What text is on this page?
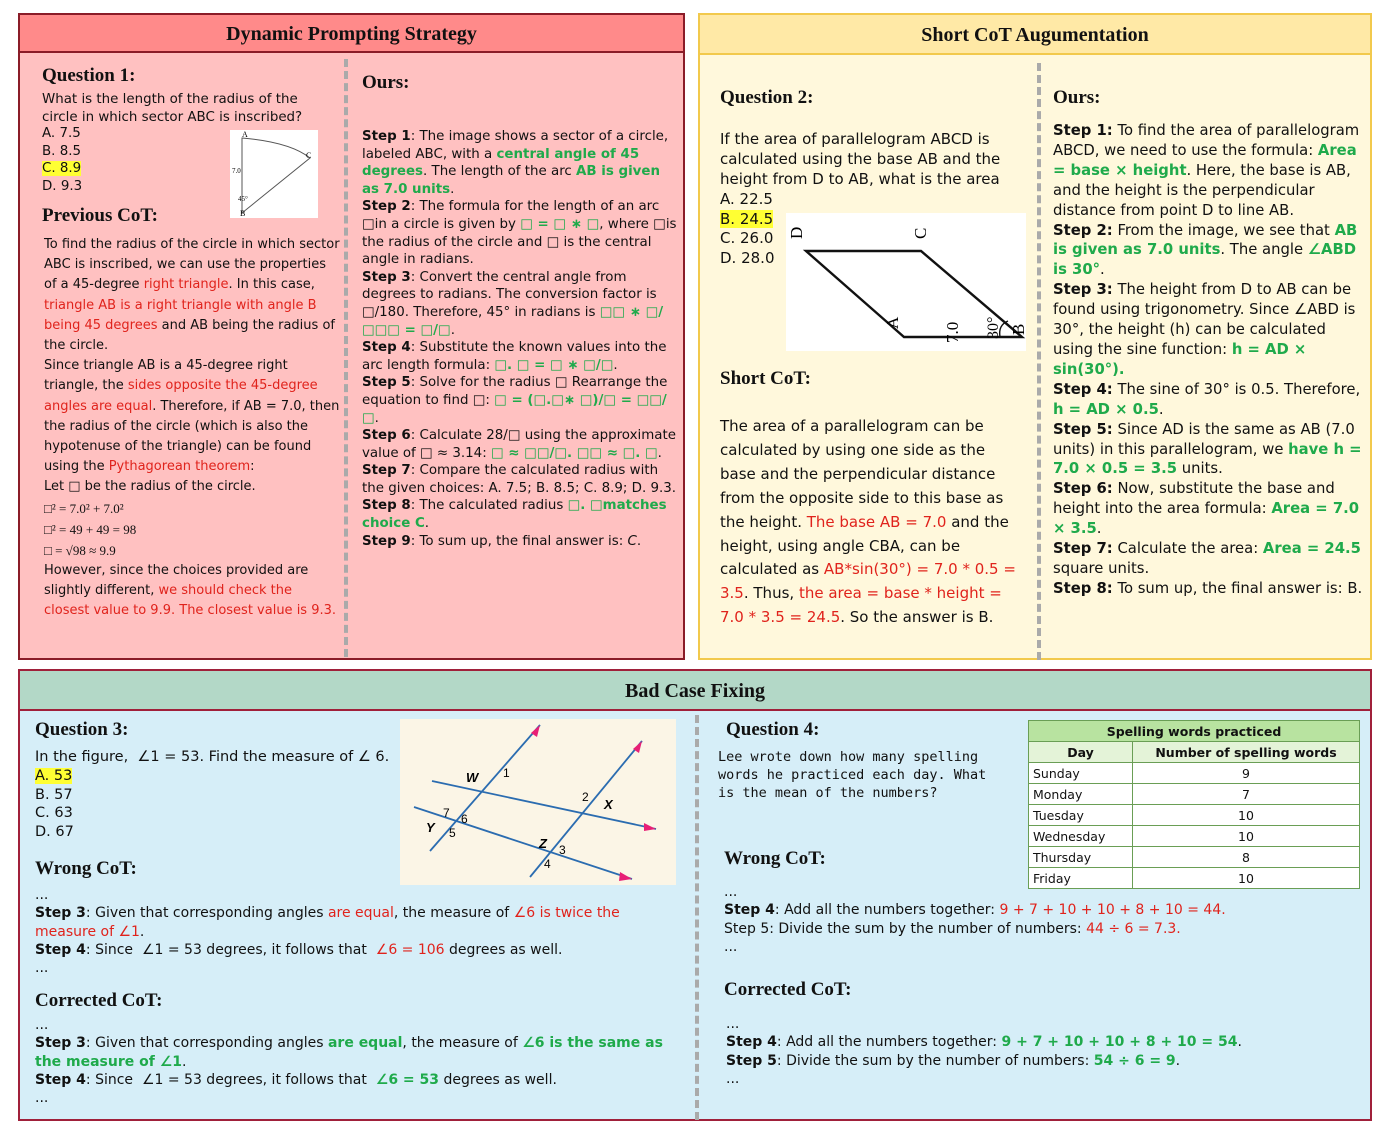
Dynamic Prompting Strategy
Question 1:
What is the length of the radius of the circle in which sector ABC is inscribed?
A. 7.5
B. 8.5
C. 8.9
D. 9.3
A
C
B
7.0
45°
Previous CoT:

To find the radius of the circle in which sector ABC is inscribed, we can use the properties of a 45-degree right triangle. In this case, triangle AB is a right triangle with angle B being 45 degrees and AB being the radius of the circle.

Since triangle AB is a 45-degree right triangle, the sides opposite the 45-degree angles are equal. Therefore, if AB = 7.0, then the radius of the circle (which is also the hypotenuse of the triangle) can be found using the Pythagorean theorem:

Let □ be the radius of the circle.

□² = 7.0² + 7.0²

□² = 49 + 49 = 98

□ = √98 ≈ 9.9

However, since the choices provided are slightly different, we should check the closest value to 9.9. The closest value is 9.3.

Ours:

Step 1: The image shows a sector of a circle, labeled ABC, with a central angle of 45 degrees. The length of the arc AB is given as 7.0 units.

Step 2: The formula for the length of an arc □in a circle is given by □ = □ ∗ □, where □is the radius of the circle and □ is the central angle in radians.

Step 3: Convert the central angle from degrees to radians. The conversion factor is □/180. Therefore, 45° in radians is □□ ∗ □/□□□ = □/□.

Step 4: Substitute the known values into the arc length formula: □. □ = □ ∗ □/□.

Step 5: Solve for the radius □ Rearrange the equation to find □: □ = (□.□∗ □)/□ = □□/□.

Step 6: Calculate 28/□ using the approximate value of □ ≈ 3.14: □ ≈ □□/□. □□ ≈ □. □.

Step 7: Compare the calculated radius with the given choices: A. 7.5; B. 8.5; C. 8.9; D. 9.3.

Step 8: The calculated radius □. □matches choice C.

Step 9: To sum up, the final answer is: C.

Short CoT Augumentation
Question 2:
If the area of parallelogram ABCD is calculated using the base AB and the height from D to AB, what is the area
A. 22.5
B. 24.5
C. 26.0
D. 28.0
D	C
A
B
7.0 30°
Short CoT:
The area of a parallelogram can be calculated by using one side as the base and the perpendicular distance from the opposite side to this base as the height. The base AB = 7.0 and the height, using angle CBA, can be calculated as AB*sin(30°) = 7.0 * 0.5 = 3.5. Thus, the area = base * height = 7.0 * 3.5 = 24.5. So the answer is B.
Ours:

Step 1: To find the area of parallelogram ABCD, we need to use the formula: Area = base × height. Here, the base is AB, and the height is the perpendicular distance from point D to line AB.

Step 2: From the image, we see that AB is given as 7.0 units. The angle ∠ABD is 30°.

Step 3: The height from D to AB can be found using trigonometry. Since ∠ABD is 30°, the height (h) can be calculated using the sine function: h = AD × sin(30°).

Step 4: The sine of 30° is 0.5. Therefore, h = AD × 0.5.

Step 5: Since AD is the same as AB (7.0 units) in this parallelogram, we have h = 7.0 × 0.5 = 3.5 units.

Step 6: Now, substitute the base and height into the area formula: Area = 7.0 × 3.5.

Step 7: Calculate the area: Area = 24.5 square units.

Step 8: To sum up, the final answer is: B.

Bad Case Fixing
Question 3:
In the figure,  ∠1 = 53. Find the measure of ∠ 6.
A. 53
B. 57
C. 63
D. 67
W
X
Y
Z
1
2
3
4
5
6
7
Wrong CoT:

...

Step 3: Given that corresponding angles are equal, the measure of ∠6 is twice the measure of ∠1.

Step 4: Since  ∠1 = 53 degrees, it follows that  ∠6 = 106 degrees as well.

...

Corrected CoT:

...

Step 3: Given that corresponding angles are equal, the measure of ∠6 is the same as the measure of ∠1.

Step 4: Since  ∠1 = 53 degrees, it follows that  ∠6 = 53 degrees as well.

...

Question 4:
Lee wrote down how many spelling words he practiced each day. What is the mean of the numbers?
Wrong CoT:

...

Step 4: Add all the numbers together: 9 + 7 + 10 + 10 + 8 + 10 = 44.

Step 5: Divide the sum by the number of numbers: 44 ÷ 6 = 7.3.

...

Corrected CoT:

...

Step 4: Add all the numbers together: 9 + 7 + 10 + 10 + 8 + 10 = 54.

Step 5: Divide the sum by the number of numbers: 54 ÷ 6 = 9.

...

Spelling words practiced	
Day	Number of spelling words
Sunday	9
Monday	7
Tuesday	10
Wednesday	10
Thursday	8
Friday	10
